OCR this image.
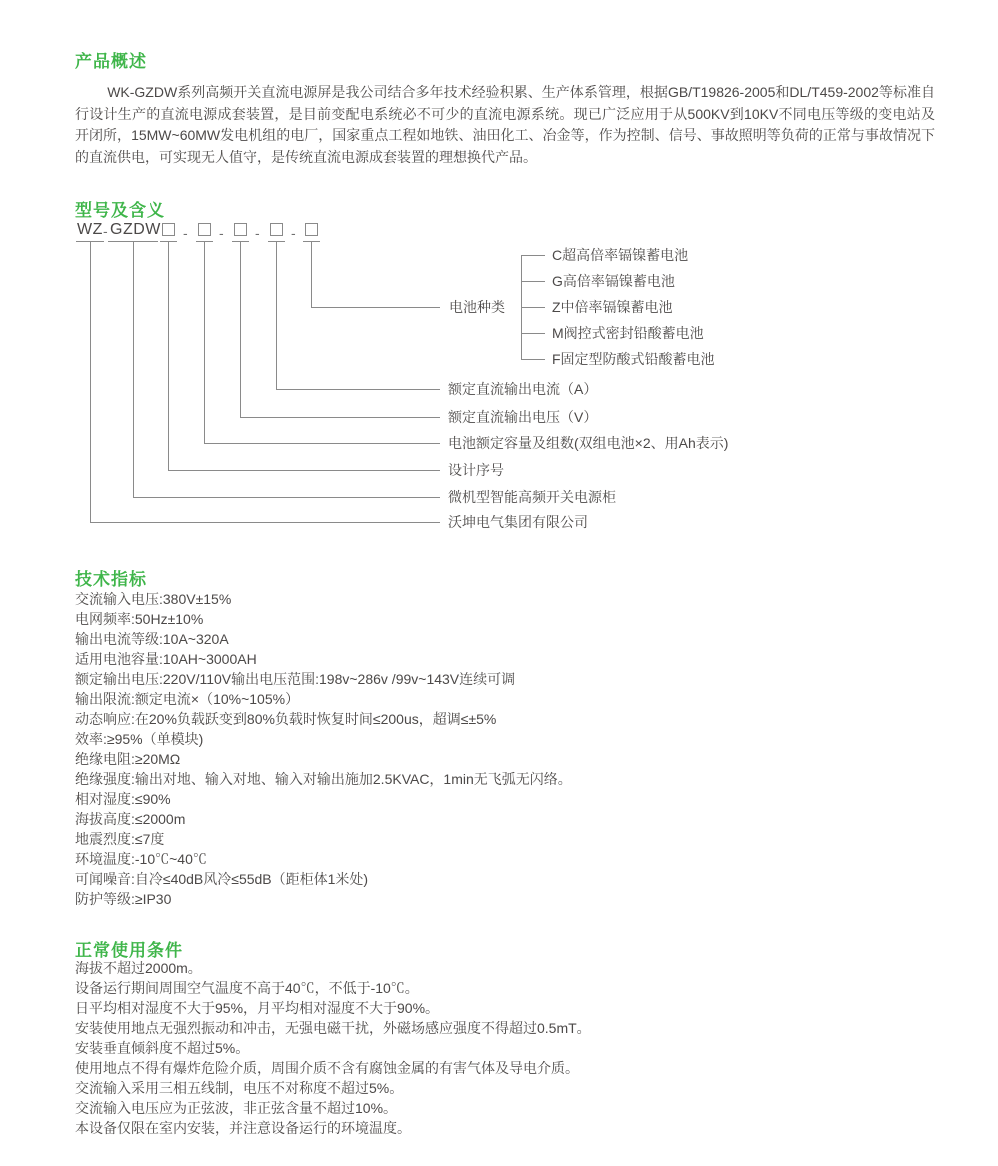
产品概述

WK-GZDW系列高频开关直流电源屏是我公司结合多年技术经验积累、生产体系管理，根据GB/T19826-2005和DL/T459-2002等标准自行设计生产的直流电源成套装置，是目前变配电系统必不可少的直流电源系统。现已广泛应用于从500KV到10KV不同电压等级的变电站及开闭所，15MW~60MW发电机组的电厂，国家重点工程如地铁、油田化工、冶金等，作为控制、信号、事故照明等负荷的正常与事故情况下的直流供电，可实现无人值守，是传统直流电源成套装置的理想换代产品。

型号及含义
WZ - GZDW - - - -
电池种类
额定直流输出电流（A）
额定直流输出电压（V）
电池额定容量及组数(双组电池×2、用Ah表示)
设计序号
微机型智能高频开关电源柜
沃坤电气集团有限公司
C超高倍率镉镍蓄电池
G高倍率镉镍蓄电池
Z中倍率镉镍蓄电池
M阀控式密封铅酸蓄电池
F固定型防酸式铅酸蓄电池
技术指标
交流输入电压:380V±15%
电网频率:50Hz±10%
输出电流等级:10A~320A
适用电池容量:10AH~3000AH
额定输出电压:220V/110V输出电压范围:198v~286v /99v~143V连续可调
输出限流:额定电流×（10%~105%）
动态响应:在20%负载跃变到80%负载时恢复时间≤200us，超调≤±5%
效率:≥95%（单模块)
绝缘电阻:≥20MΩ
绝缘强度:输出对地、输入对地、输入对输出施加2.5KVAC，1min无飞弧无闪络。
相对湿度:≤90%
海拔高度:≤2000m
地震烈度:≤7度
环境温度:-10℃~40℃
可闻噪音:自冷≤40dB风冷≤55dB（距柜体1米处)
防护等级:≥IP30
正常使用条件
海拔不超过2000m。
设备运行期间周围空气温度不高于40℃，不低于-10℃。
日平均相对湿度不大于95%，月平均相对湿度不大于90%。
安装使用地点无强烈振动和冲击，无强电磁干扰，外磁场感应强度不得超过0.5mT。
安装垂直倾斜度不超过5%。
使用地点不得有爆炸危险介质，周围介质不含有腐蚀金属的有害气体及导电介质。
交流输入采用三相五线制，电压不对称度不超过5%。
交流输入电压应为正弦波，非正弦含量不超过10%。
本设备仅限在室内安装，并注意设备运行的环境温度。
